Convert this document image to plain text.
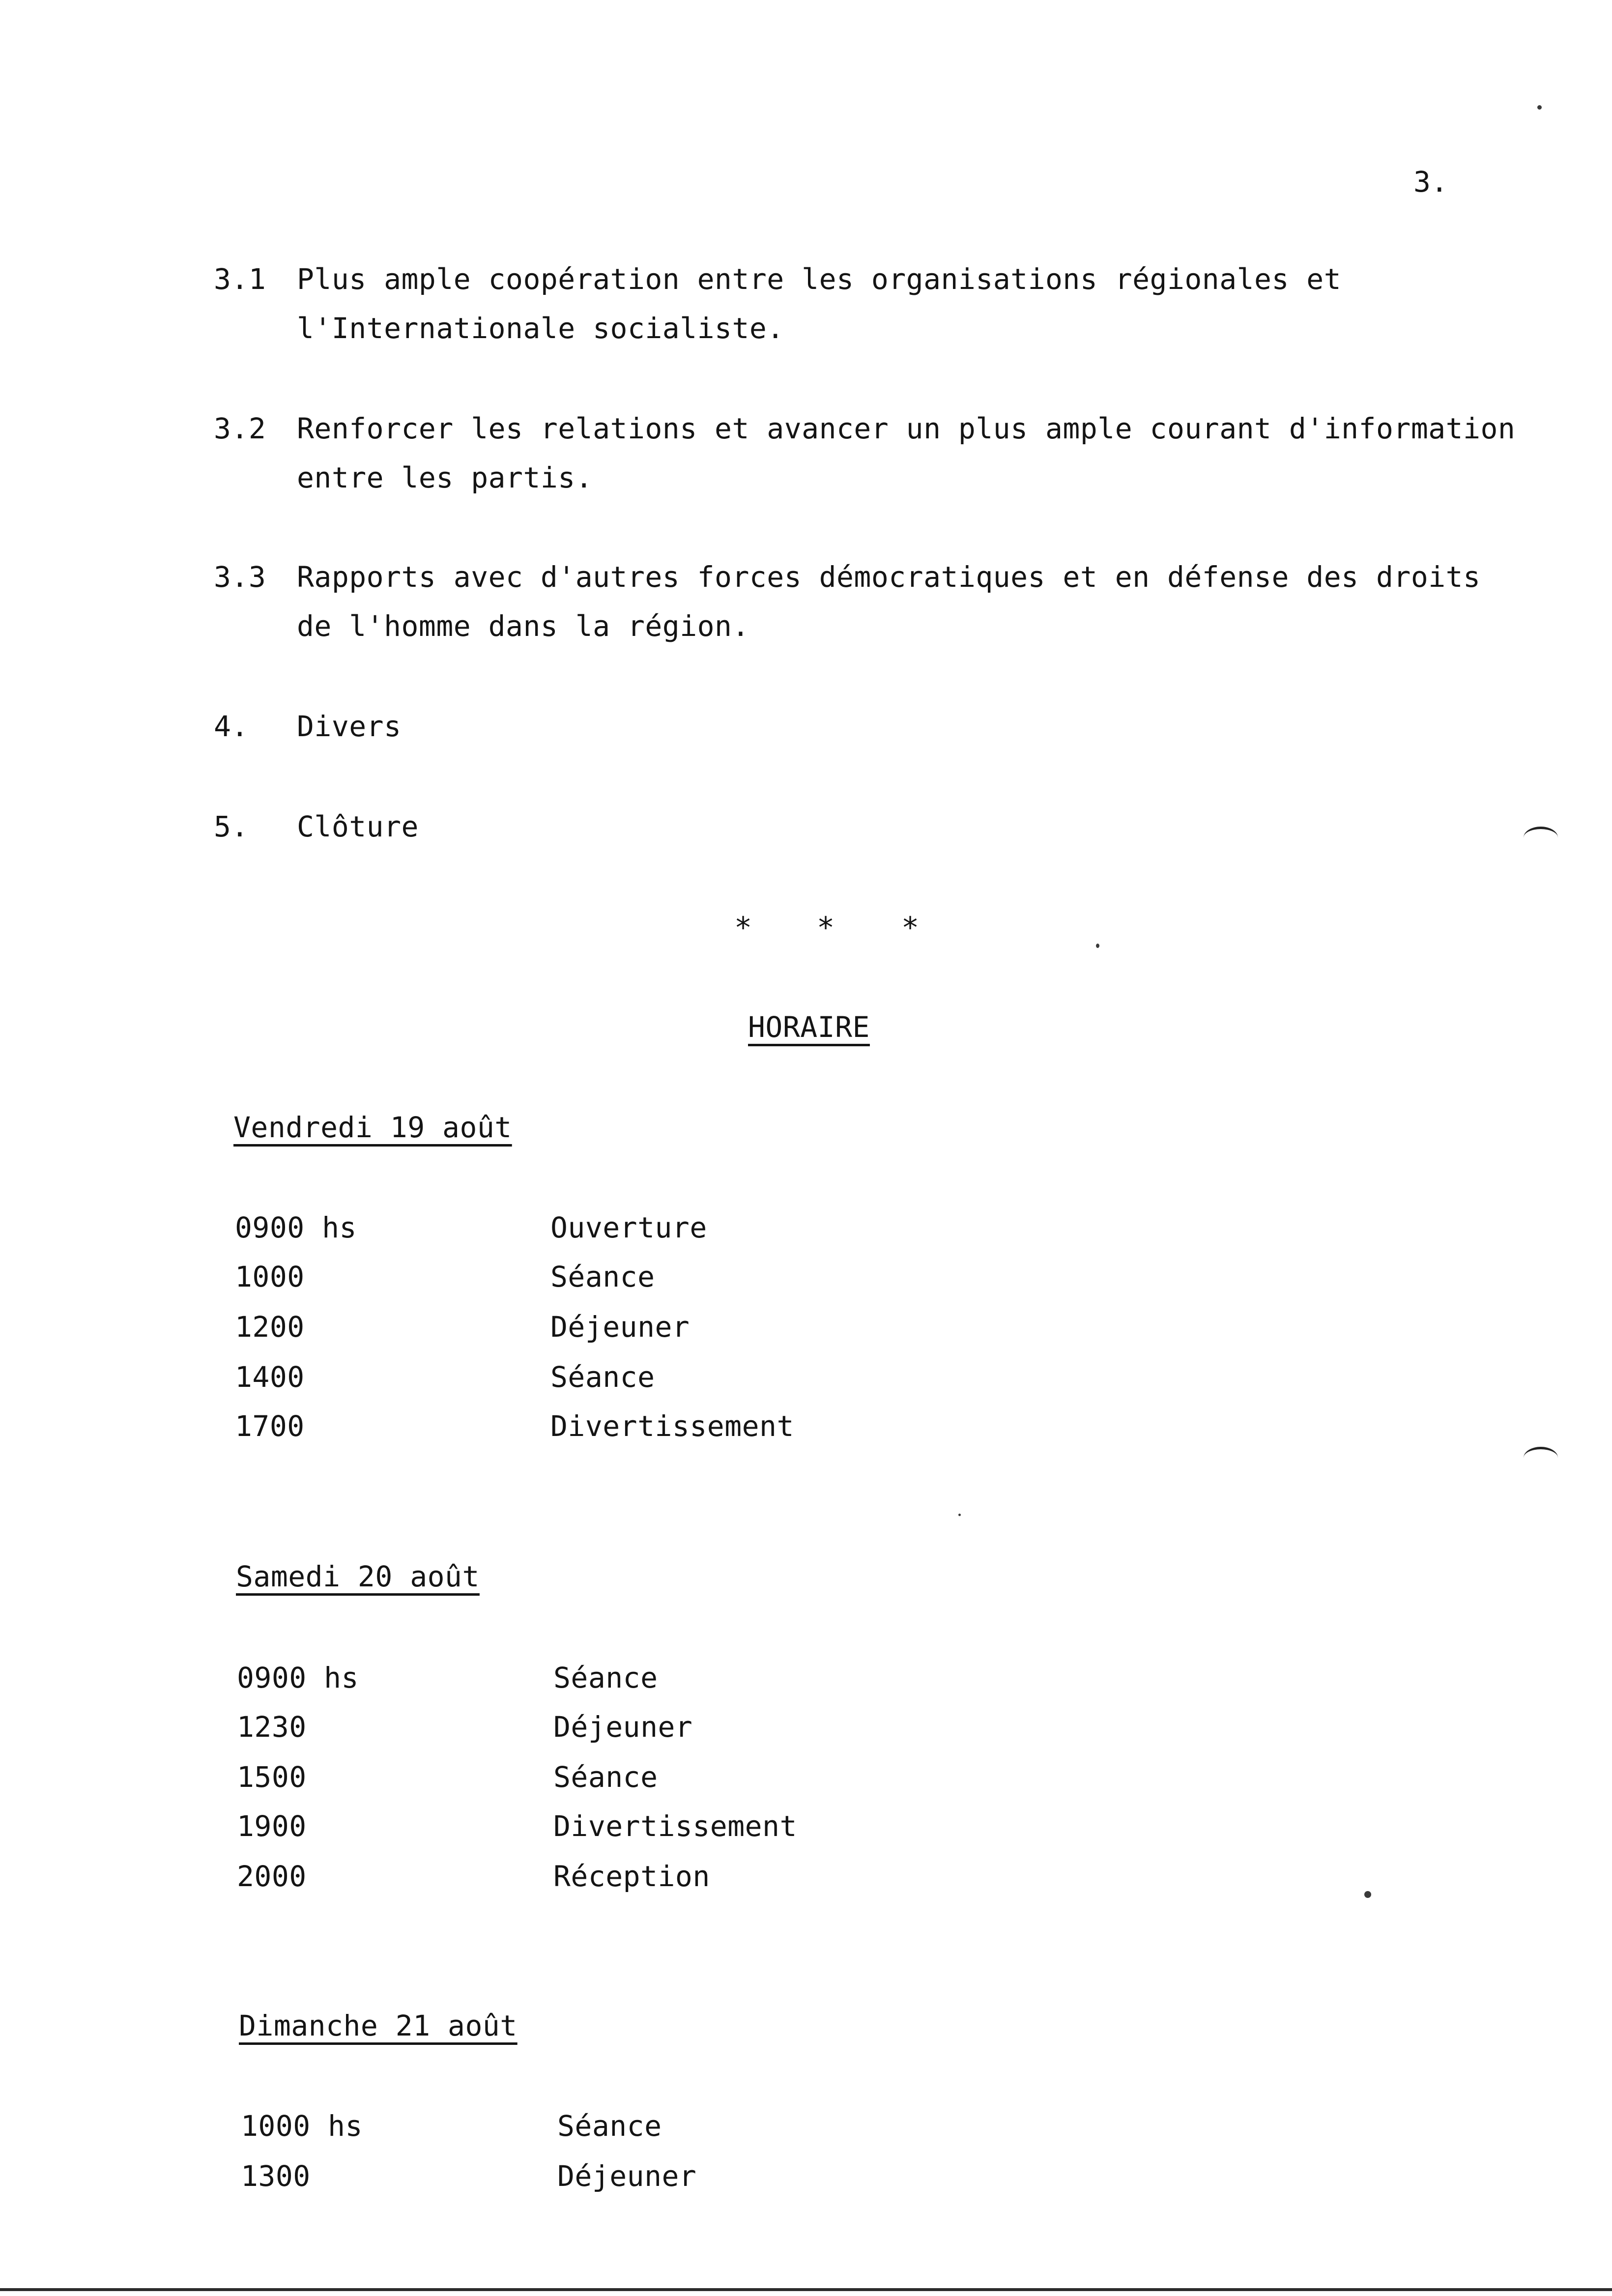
3.
3.1 Plus ample coopération entre les organisations régionales et
l'Internationale socialiste.
3.2 Renforcer les relations et avancer un plus ample courant d'information
entre les partis.
3.3 Rapports avec d'autres forces démocratiques et en défense des droits
de l'homme dans la région.
4. Divers
5. Clôture
* * *
HORAIRE
Vendredi 19 août
0900 hs	Ouverture
1000	Séance
1200	Déjeuner
1400	Séance
1700	Divertissement
Samedi 20 août
0900 hs	Séance
1230	Déjeuner
1500	Séance
1900	Divertissement
2000	Réception
Dimanche 21 août
1000 hs	Séance
1300	Déjeuner
